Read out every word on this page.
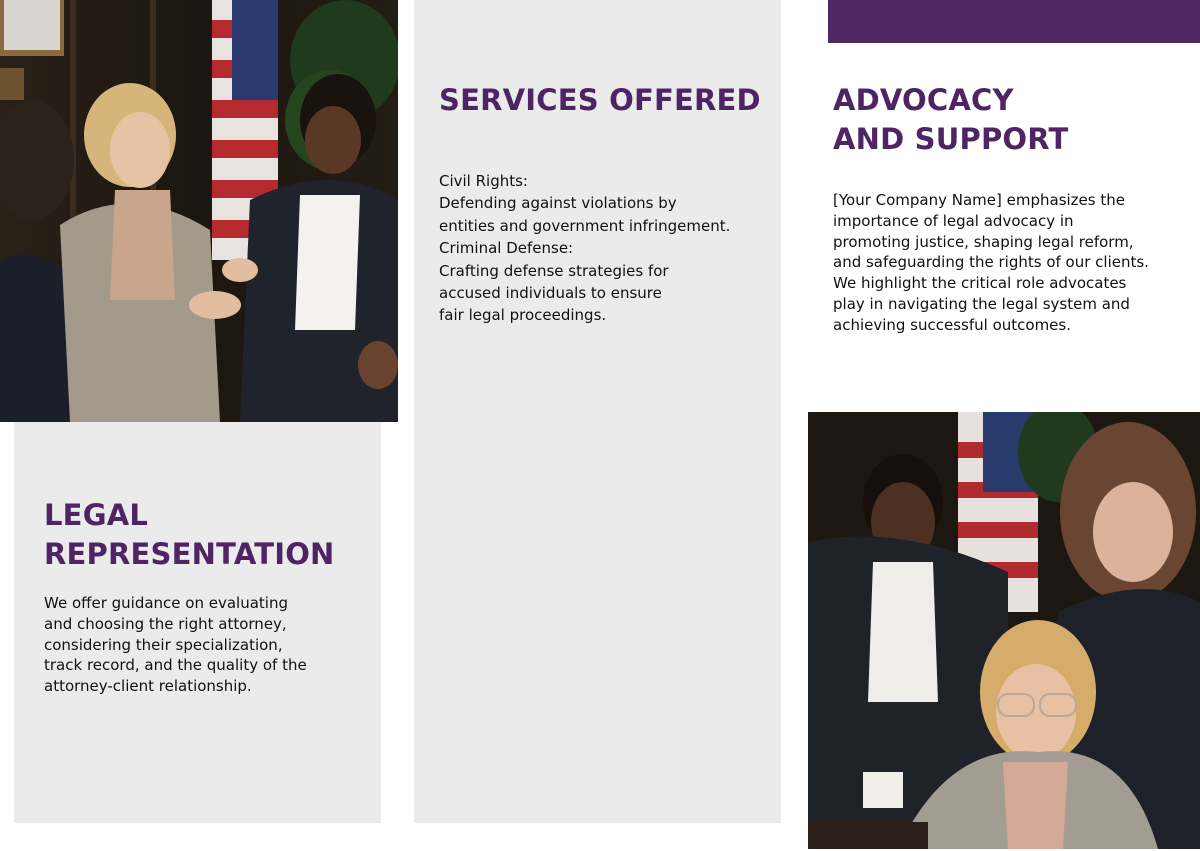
LEGAL
REPRESENTATION

We offer guidance on evaluating
and choosing the right attorney,
considering their specialization,
track record, and the quality of the
attorney-client relationship.

SERVICES OFFERED

Civil Rights:
Defending against violations by
entities and government infringement.
Criminal Defense:
Crafting defense strategies for
accused individuals to ensure
fair legal proceedings.

ADVOCACY
AND SUPPORT

[Your Company Name] emphasizes the
importance of legal advocacy in
promoting justice, shaping legal reform,
and safeguarding the rights of our clients.
We highlight the critical role advocates
play in navigating the legal system and
achieving successful outcomes.
